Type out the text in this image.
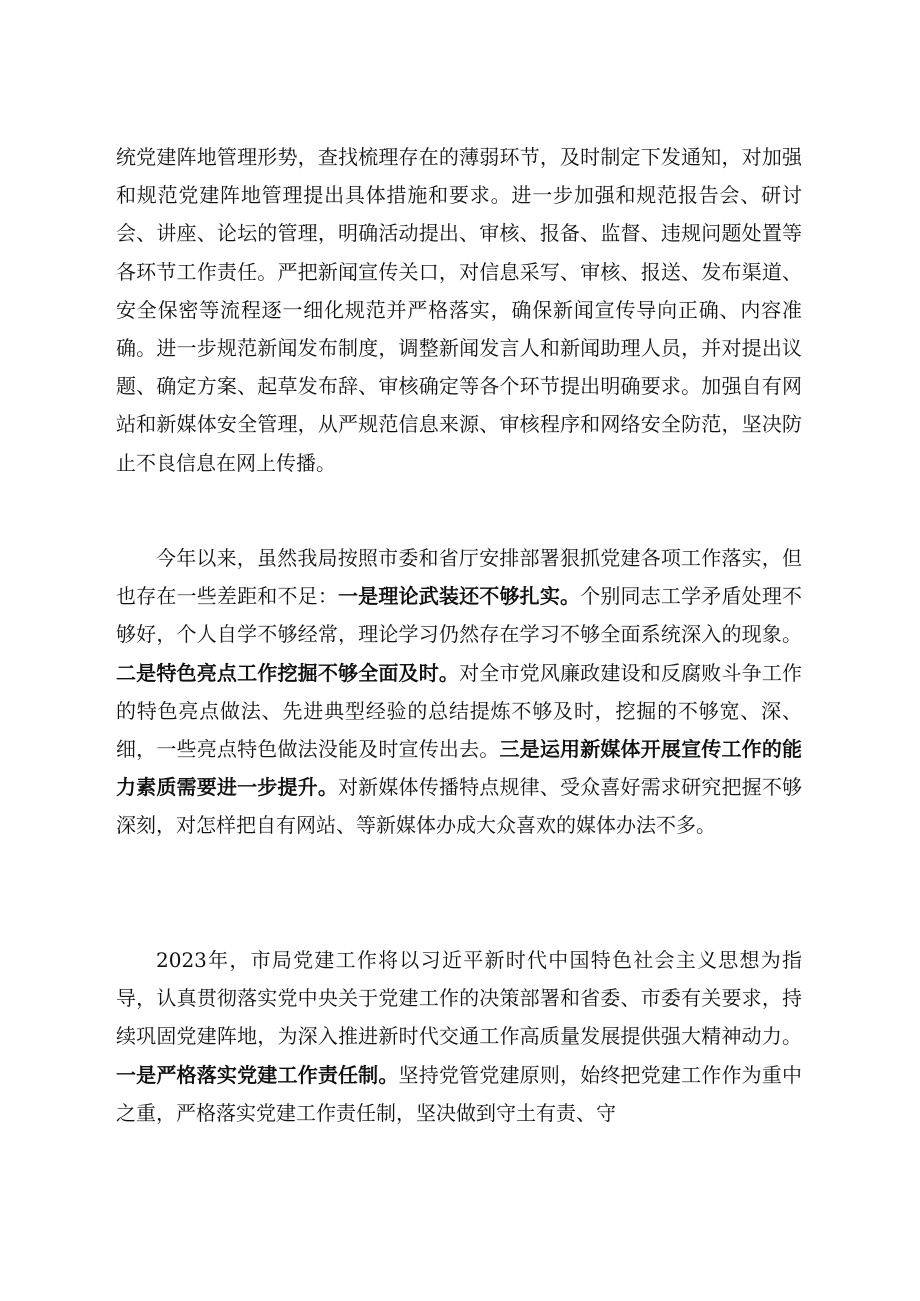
统党建阵地管理形势，查找梳理存在的薄弱环节，及时制定下发通知，对加强和规范党建阵地管理提出具体措施和要求。进一步加强和规范报告会、研讨会、讲座、论坛的管理，明确活动提出、审核、报备、监督、违规问题处置等各环节工作责任。严把新闻宣传关口，对信息采写、审核、报送、发布渠道、安全保密等流程逐一细化规范并严格落实，确保新闻宣传导向正确、内容准确。进一步规范新闻发布制度，调整新闻发言人和新闻助理人员，并对提出议题、确定方案、起草发布辞、审核确定等各个环节提出明确要求。加强自有网站和新媒体安全管理，从严规范信息来源、审核程序和网络安全防范，坚决防止不良信息在网上传播。

今年以来，虽然我局按照市委和省厅安排部署狠抓党建各项工作落实，但也存在一些差距和不足：一是理论武装还不够扎实。个别同志工学矛盾处理不够好，个人自学不够经常，理论学习仍然存在学习不够全面系统深入的现象。二是特色亮点工作挖掘不够全面及时。对全市党风廉政建设和反腐败斗争工作的特色亮点做法、先进典型经验的总结提炼不够及时，挖掘的不够宽、深、细，一些亮点特色做法没能及时宣传出去。三是运用新媒体开展宣传工作的能力素质需要进一步提升。对新媒体传播特点规律、受众喜好需求研究把握不够深刻，对怎样把自有网站、等新媒体办成大众喜欢的媒体办法不多。

2023年，市局党建工作将以习近平新时代中国特色社会主义思想为指导，认真贯彻落实党中央关于党建工作的决策部署和省委、市委有关要求，持续巩固党建阵地，为深入推进新时代交通工作高质量发展提供强大精神动力。一是严格落实党建工作责任制。坚持党管党建原则，始终把党建工作作为重中之重，严格落实党建工作责任制，坚决做到守土有责、守
